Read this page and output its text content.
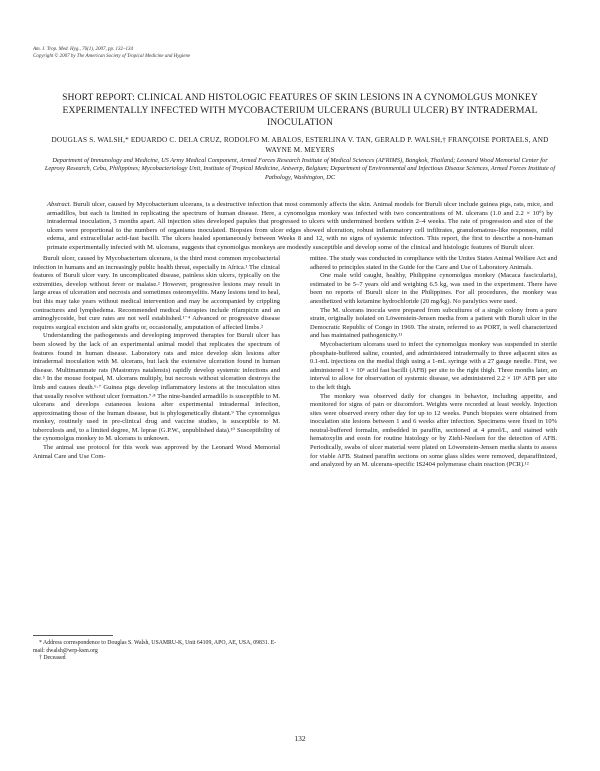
Am. J. Trop. Med. Hyg., 76(1), 2007, pp. 132–134
Copyright © 2007 by The American Society of Tropical Medicine and Hygiene
SHORT REPORT: CLINICAL AND HISTOLOGIC FEATURES OF SKIN LESIONS IN A CYNOMOLGUS MONKEY EXPERIMENTALLY INFECTED WITH MYCOBACTERIUM ULCERANS (BURULI ULCER) BY INTRADERMAL INOCULATION
DOUGLAS S. WALSH,* EDUARDO C. DELA CRUZ, RODOLFO M. ABALOS, ESTERLINA V. TAN, GERALD P. WALSH,† FRANÇOISE PORTAELS, AND WAYNE M. MEYERS
Department of Immunology and Medicine, US Army Medical Component, Armed Forces Research Institute of Medical Sciences (AFRIMS), Bangkok, Thailand; Leonard Wood Memorial Center for Leprosy Research, Cebu, Philippines; Mycobacteriology Unit, Institute of Tropical Medicine, Antwerp, Belgium; Department of Environmental and Infectious Disease Sciences, Armed Forces Institute of Pathology, Washington, DC
Abstract. Buruli ulcer, caused by Mycobacterium ulcerans, is a destructive infection that most commonly affects the skin. Animal models for Buruli ulcer include guinea pigs, rats, mice, and armadillos, but each is limited in replicating the spectrum of human disease. Here, a cynomolgus monkey was infected with two concentrations of M. ulcerans (1.0 and 2.2 × 10⁶) by intradermal inoculation, 3 months apart. All injection sites developed papules that progressed to ulcers with undermined borders within 2–4 weeks. The rate of progression and size of the ulcers were proportional to the numbers of organisms inoculated. Biopsies from ulcer edges showed ulceration, robust inflammatory cell infiltrates, granulomatous-like responses, mild edema, and extracellular acid-fast bacilli. The ulcers healed spontaneously between Weeks 8 and 12, with no signs of systemic infection. This report, the first to describe a non-human primate experimentally infected with M. ulcerans, suggests that cynomolgus monkeys are modestly susceptible and develop some of the clinical and histologic features of Buruli ulcer.

Buruli ulcer, caused by Mycobacterium ulcerans, is the third most common mycobacterial infection in humans and an increasingly public health threat, especially in Africa.¹ The clinical features of Buruli ulcer vary. In uncomplicated disease, painless skin ulcers, typically on the extremities, develop without fever or malaise.² However, progressive lesions may result in large areas of ulceration and necrosis and sometimes osteomyelitis. Many lesions tend to heal, but this may take years without medical intervention and may be accompanied by crippling contractures and lymphedema. Recommended medical therapies include rifampicin and an aminoglycoside, but cure rates are not well established.¹⁻⁴ Advanced or progressive disease requires surgical excision and skin grafts or, occasionally, amputation of affected limbs.²

Understanding the pathogenesis and developing improved therapies for Buruli ulcer has been slowed by the lack of an experimental animal model that replicates the spectrum of features found in human disease. Laboratory rats and mice develop skin lesions after intradermal inoculation with M. ulcerans, but lack the extensive ulceration found in human disease. Multimammate rats (Mastomys natalensis) rapidly develop systemic infections and die.⁵ In the mouse footpad, M. ulcerans multiply, but necrosis without ulceration destroys the limb and causes death.⁶·⁷ Guinea pigs develop inflammatory lesions at the inoculation sites that usually resolve without ulcer formation.⁷·⁸ The nine-banded armadillo is susceptible to M. ulcerans and develops cutaneous lesions after experimental intradermal infection, approximating those of the human disease, but is phylogenetically distant.⁹ The cynomolgus monkey, routinely used in pre-clinical drug and vaccine studies, is susceptible to M. tuberculosis and, to a limited degree, M. leprae (G.P.W., unpublished data).¹⁰ Susceptibility of the cynomolgus monkey to M. ulcerans is unknown.

The animal use protocol for this work was approved by the Leonard Wood Memorial Animal Care and Use Com-

mittee. The study was conducted in compliance with the Unites States Animal Welfare Act and adhered to principles stated in the Guide for the Care and Use of Laboratory Animals.

One male wild caught, healthy, Philippine cynomolgus monkey (Macaca fascicularis), estimated to be 5–7 years old and weighing 6.5 kg, was used in the experiment. There have been no reports of Buruli ulcer in the Philippines. For all procedures, the monkey was anesthetized with ketamine hydrochloride (20 mg/kg). No paralytics were used.

The M. ulcerans inocula were prepared from subcultures of a single colony from a pure strain, originally isolated on Löwenstein-Jensen media from a patient with Buruli ulcer in the Democratic Republic of Congo in 1969. The strain, referred to as PORT, is well characterized and has maintained pathogenicity.¹¹

Mycobacterium ulcerans used to infect the cynomolgus monkey was suspended in sterile phosphate-buffered saline, counted, and administered intradermally to three adjacent sites as 0.1-mL injections on the medial thigh using a 1-mL syringe with a 27 gauge needle. First, we administered 1 × 10⁶ acid fast bacilli (AFB) per site to the right thigh. Three months later, an interval to allow for observation of systemic disease, we administered 2.2 × 10⁶ AFB per site to the left thigh.

The monkey was observed daily for changes in behavior, including appetite, and monitored for signs of pain or discomfort. Weights were recorded at least weekly. Injection sites were observed every other day for up to 12 weeks. Punch biopsies were obtained from inoculation site lesions between 1 and 6 weeks after infection. Specimens were fixed in 10% neutral-buffered formalin, embedded in paraffin, sectioned at 4 μmol/L, and stained with hematoxylin and eosin for routine histology or by Ziehl-Neelsen for the detection of AFB. Periodically, swabs of ulcer material were plated on Löwenstein-Jensen media slants to assess for viable AFB. Stained paraffin sections on some glass slides were removed, deparaffinized, and analyzed by an M. ulcerans-specific IS2404 polymerase chain reaction (PCR).¹²

* Address correspondence to Douglas S. Walsh, USAMRU-K, Unit 64109, APO, AE, USA, 09831. E-mail: dwalsh@wrp-ksm.org

† Deceased

132
